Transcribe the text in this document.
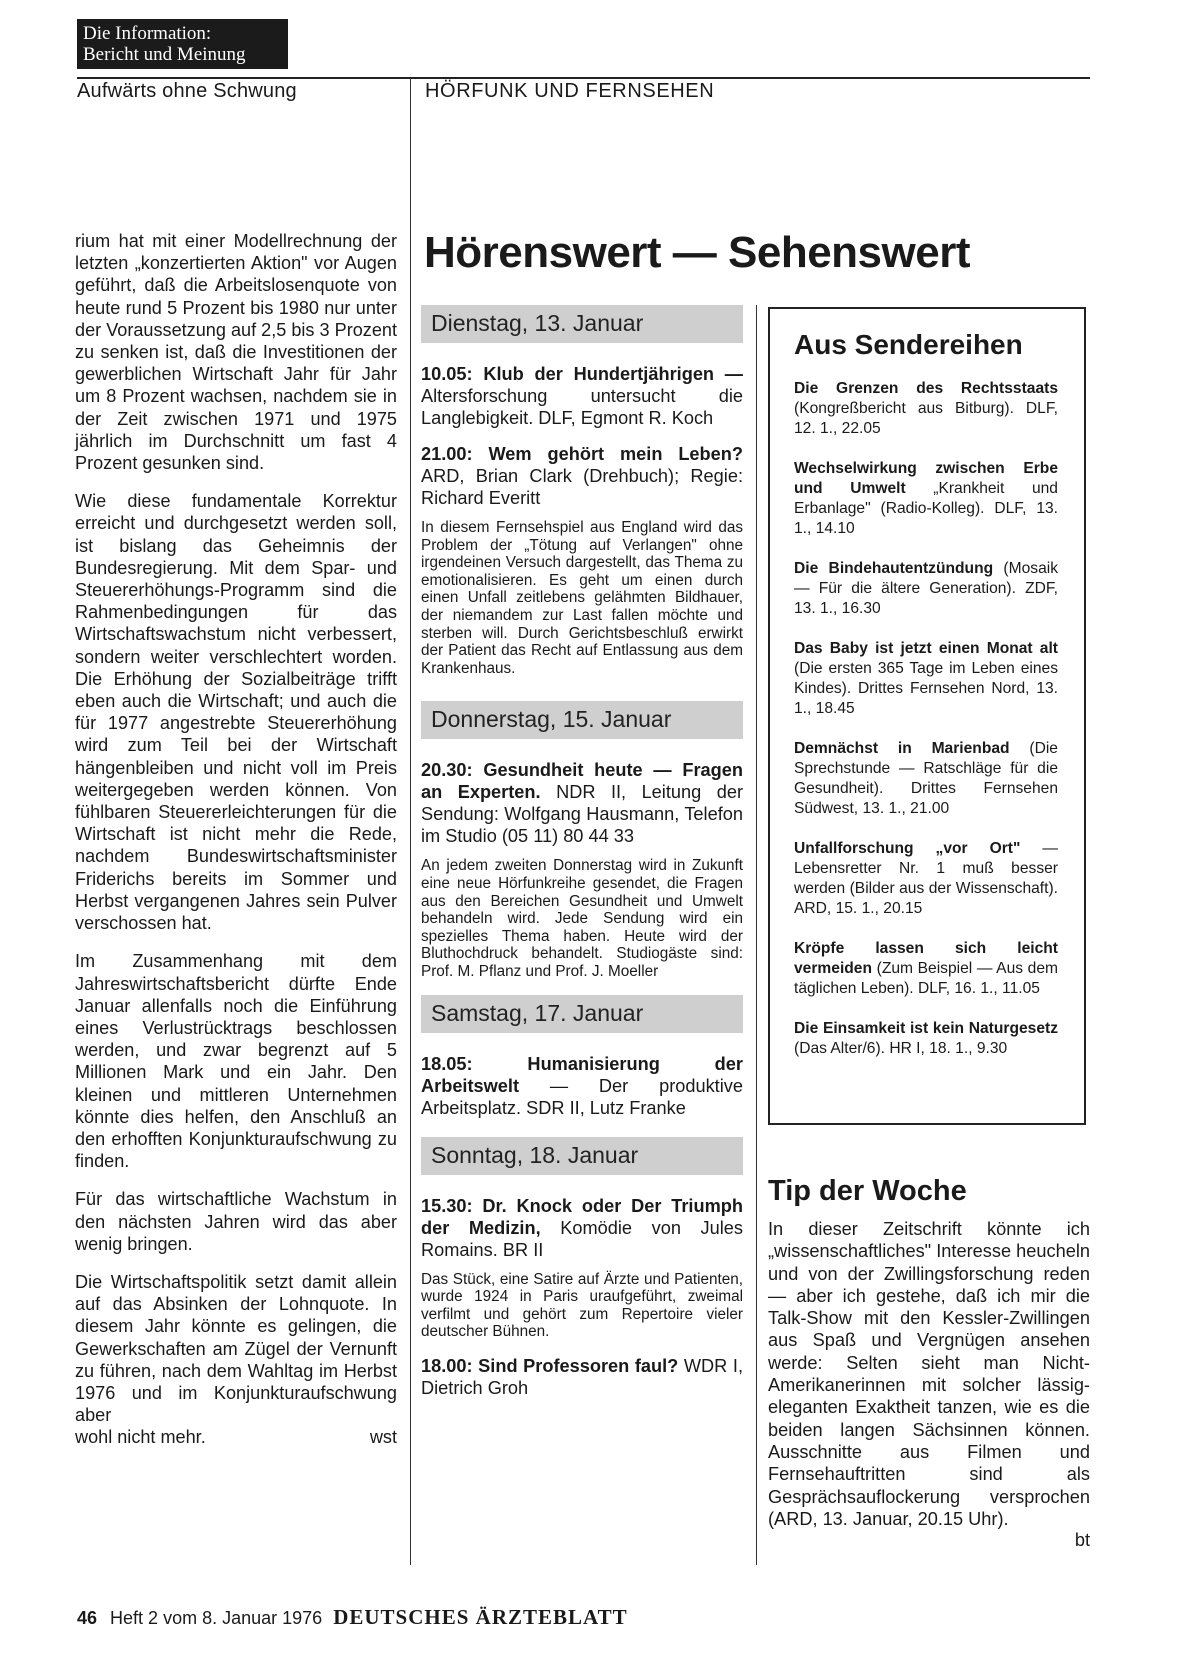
Die Information:
Bericht und Meinung
Aufwärts ohne Schwung	HÖRFUNK UND FERNSEHEN

rium hat mit einer Modellrechnung der letzten „konzertierten Aktion" vor Augen geführt, daß die Arbeitslosenquote von heute rund 5 Prozent bis 1980 nur unter der Voraussetzung auf 2,5 bis 3 Prozent zu senken ist, daß die Investitionen der gewerblichen Wirtschaft Jahr für Jahr um 8 Prozent wachsen, nachdem sie in der Zeit zwischen 1971 und 1975 jährlich im Durchschnitt um fast 4 Prozent gesunken sind.

Wie diese fundamentale Korrektur erreicht und durchgesetzt werden soll, ist bislang das Geheimnis der Bundesregierung. Mit dem Spar- und Steuererhöhungs-Programm sind die Rahmenbedingungen für das Wirtschaftswachstum nicht verbessert, sondern weiter verschlechtert worden. Die Erhöhung der Sozialbeiträge trifft eben auch die Wirtschaft; und auch die für 1977 angestrebte Steuererhöhung wird zum Teil bei der Wirtschaft hängenbleiben und nicht voll im Preis weitergegeben werden können. Von fühlbaren Steuererleichterungen für die Wirtschaft ist nicht mehr die Rede, nachdem Bundeswirtschaftsminister Friderichs bereits im Sommer und Herbst vergangenen Jahres sein Pulver verschossen hat.

Im Zusammenhang mit dem Jahreswirtschaftsbericht dürfte Ende Januar allenfalls noch die Einführung eines Verlustrücktrags beschlossen werden, und zwar begrenzt auf 5 Millionen Mark und ein Jahr. Den kleinen und mittleren Unternehmen könnte dies helfen, den Anschluß an den erhofften Konjunkturaufschwung zu finden.

Für das wirtschaftliche Wachstum in den nächsten Jahren wird das aber wenig bringen.

Die Wirtschaftspolitik setzt damit allein auf das Absinken der Lohnquote. In diesem Jahr könnte es gelingen, die Gewerkschaften am Zügel der Vernunft zu führen, nach dem Wahltag im Herbst 1976 und im Konjunkturaufschwung aber

wohl nicht mehr.	wst
Hörenswert — Sehenswert
Dienstag, 13. Januar
10.05: Klub der Hundertjährigen — Altersforschung untersucht die Langlebigkeit. DLF, Egmont R. Koch
21.00: Wem gehört mein Leben? ARD, Brian Clark (Drehbuch); Regie: Richard Everitt
In diesem Fernsehspiel aus England wird das Problem der „Tötung auf Verlangen" ohne irgendeinen Versuch dargestellt, das Thema zu emotionalisieren. Es geht um einen durch einen Unfall zeitlebens gelähmten Bildhauer, der niemandem zur Last fallen möchte und sterben will. Durch Gerichtsbeschluß erwirkt der Patient das Recht auf Entlassung aus dem Krankenhaus.
Donnerstag, 15. Januar
20.30: Gesundheit heute — Fragen an Experten. NDR II, Leitung der Sendung: Wolfgang Hausmann, Telefon im Studio (05 11) 80 44 33
An jedem zweiten Donnerstag wird in Zukunft eine neue Hörfunkreihe gesendet, die Fragen aus den Bereichen Gesundheit und Umwelt behandeln wird. Jede Sendung wird ein spezielles Thema haben. Heute wird der Bluthochdruck behandelt. Studiogäste sind: Prof. M. Pflanz und Prof. J. Moeller
Samstag, 17. Januar
18.05: Humanisierung der Arbeitswelt — Der produktive Arbeitsplatz. SDR II, Lutz Franke
Sonntag, 18. Januar
15.30: Dr. Knock oder Der Triumph der Medizin, Komödie von Jules Romains. BR II
Das Stück, eine Satire auf Ärzte und Patienten, wurde 1924 in Paris uraufgeführt, zweimal verfilmt und gehört zum Repertoire vieler deutscher Bühnen.
18.00: Sind Professoren faul? WDR I, Dietrich Groh
Aus Sendereihen
Die Grenzen des Rechtsstaats (Kongreßbericht aus Bitburg). DLF, 12. 1., 22.05
Wechselwirkung zwischen Erbe und Umwelt „Krankheit und Erbanlage" (Radio-Kolleg). DLF, 13. 1., 14.10
Die Bindehautentzündung (Mosaik — Für die ältere Generation). ZDF, 13. 1., 16.30
Das Baby ist jetzt einen Monat alt (Die ersten 365 Tage im Leben eines Kindes). Drittes Fernsehen Nord, 13. 1., 18.45
Demnächst in Marienbad (Die Sprechstunde — Ratschläge für die Gesundheit). Drittes Fernsehen Südwest, 13. 1., 21.00
Unfallforschung „vor Ort" — Lebensretter Nr. 1 muß besser werden (Bilder aus der Wissenschaft). ARD, 15. 1., 20.15
Kröpfe lassen sich leicht vermeiden (Zum Beispiel — Aus dem täglichen Leben). DLF, 16. 1., 11.05
Die Einsamkeit ist kein Naturgesetz (Das Alter/6). HR I, 18. 1., 9.30
Tip der Woche
In dieser Zeitschrift könnte ich „wissenschaftliches" Interesse heucheln und von der Zwillingsforschung reden — aber ich gestehe, daß ich mir die Talk-Show mit den Kessler-Zwillingen aus Spaß und Vergnügen ansehen werde: Selten sieht man Nicht-Amerikanerinnen mit solcher lässig-eleganten Exaktheit tanzen, wie es die beiden langen Sächsinnen können. Ausschnitte aus Filmen und Fernsehauftritten sind als Gesprächsauflockerung versprochen (ARD, 13. Januar, 20.15 Uhr).
bt
46 Heft 2 vom 8. Januar 1976 DEUTSCHES ÄRZTEBLATT
